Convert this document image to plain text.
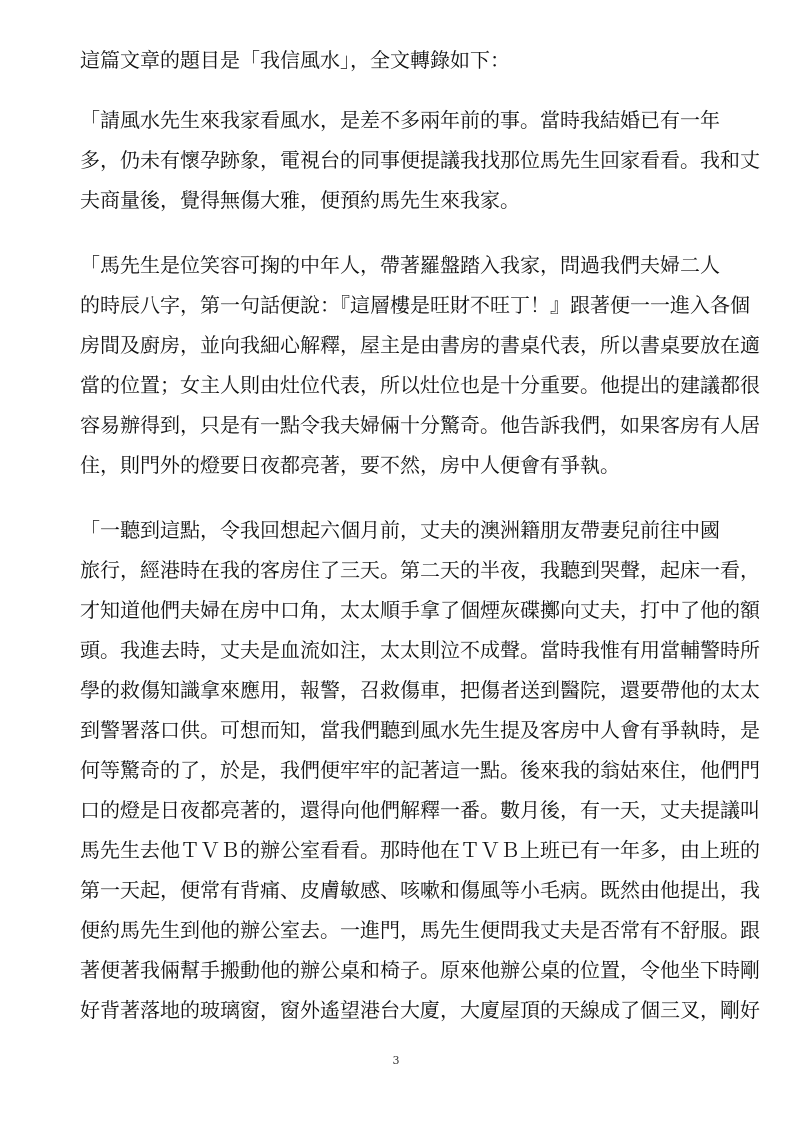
這篇文章的題目是「我信風水」，全文轉錄如下：
「請風水先生來我家看風水，是差不多兩年前的事。當時我結婚已有一年
多，仍未有懷孕跡象，電視台的同事便提議我找那位馬先生回家看看。我和丈
夫商量後，覺得無傷大雅，便預約馬先生來我家。
「馬先生是位笑容可掬的中年人，帶著羅盤踏入我家，問過我們夫婦二人
的時辰八字，第一句話便說：『這層樓是旺財不旺丁！』跟著便一一進入各個
房間及廚房，並向我細心解釋，屋主是由書房的書桌代表，所以書桌要放在適
當的位置；女主人則由灶位代表，所以灶位也是十分重要。他提出的建議都很
容易辦得到，只是有一點令我夫婦倆十分驚奇。他告訴我們，如果客房有人居
住，則門外的燈要日夜都亮著，要不然，房中人便會有爭執。
「一聽到這點，令我回想起六個月前，丈夫的澳洲籍朋友帶妻兒前往中國
旅行，經港時在我的客房住了三天。第二天的半夜，我聽到哭聲，起床一看，
才知道他們夫婦在房中口角，太太順手拿了個煙灰碟擲向丈夫，打中了他的額
頭。我進去時，丈夫是血流如注，太太則泣不成聲。當時我惟有用當輔警時所
學的救傷知識拿來應用，報警，召救傷車，把傷者送到醫院，還要帶他的太太
到警署落口供。可想而知，當我們聽到風水先生提及客房中人會有爭執時，是
何等驚奇的了，於是，我們便牢牢的記著這一點。後來我的翁姑來住，他們門
口的燈是日夜都亮著的，還得向他們解釋一番。數月後，有一天，丈夫提議叫
馬先生去他ＴＶＢ的辦公室看看。那時他在ＴＶＢ上班已有一年多，由上班的
第一天起，便常有背痛、皮膚敏感、咳嗽和傷風等小毛病。既然由他提出，我
便約馬先生到他的辦公室去。一進門，馬先生便問我丈夫是否常有不舒服。跟
著便著我倆幫手搬動他的辦公桌和椅子。原來他辦公桌的位置，令他坐下時剛
好背著落地的玻璃窗，窗外遙望港台大廈，大廈屋頂的天線成了個三叉，剛好
3
